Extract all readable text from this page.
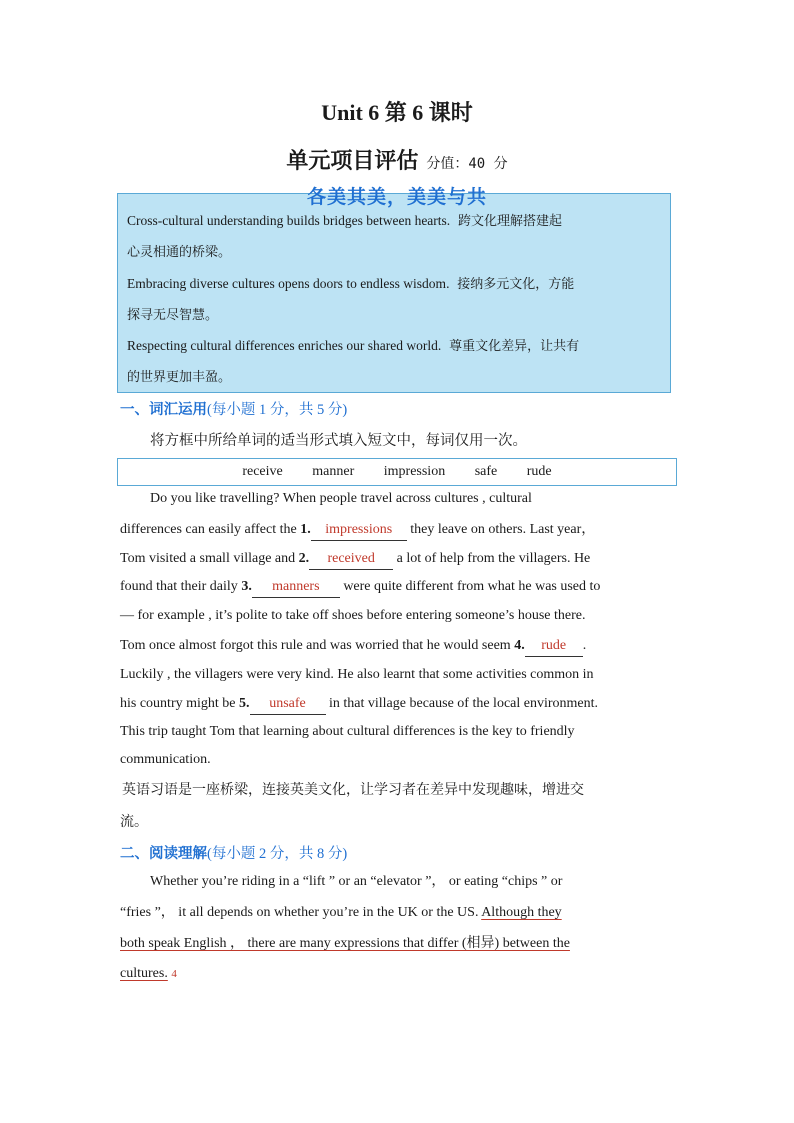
Unit 6 第 6 课时
单元项目评估 分值：40 分
各美其美，美美与共
Cross-cultural understanding builds bridges between hearts. 跨文化理解搭建起
心灵相通的桥梁。
Embracing diverse cultures opens doors to endless wisdom. 接纳多元文化，方能
探寻无尽智慧。
Respecting cultural differences enriches our shared world. 尊重文化差异，让共有
的世界更加丰盈。
一、词汇运用(每小题 1 分，共 5 分)
将方框中所给单词的适当形式填入短文中，每词仅用一次。
receive manner impression safe rude
Do you like travelling? When people travel across cultures , cultural
differences can easily affect the 1. impressions they leave on others. Last year，
Tom visited a small village and 2. received a lot of help from the villagers. He
found that their daily 3. manners were quite different from what he was used to
— for example , it’s polite to take off shoes before entering someone’s house there.
Tom once almost forgot this rule and was worried that he would seem 4. rude .
Luckily , the villagers were very kind. He also learnt that some activities common in
his country might be 5. unsafe in that village because of the local environment.
This trip taught Tom that learning about cultural differences is the key to friendly
communication.
英语习语是一座桥梁，连接英美文化，让学习者在差异中发现趣味，增进交
流。
二、阅读理解(每小题 2 分，共 8 分)
Whether you’re riding in a “lift ” or an “elevator ”， or eating “chips ” or
“fries ”， it all depends on whether you’re in the UK or the US. Although they
both speak English ， there are many expressions that differ (相异) between the
cultures. 4
